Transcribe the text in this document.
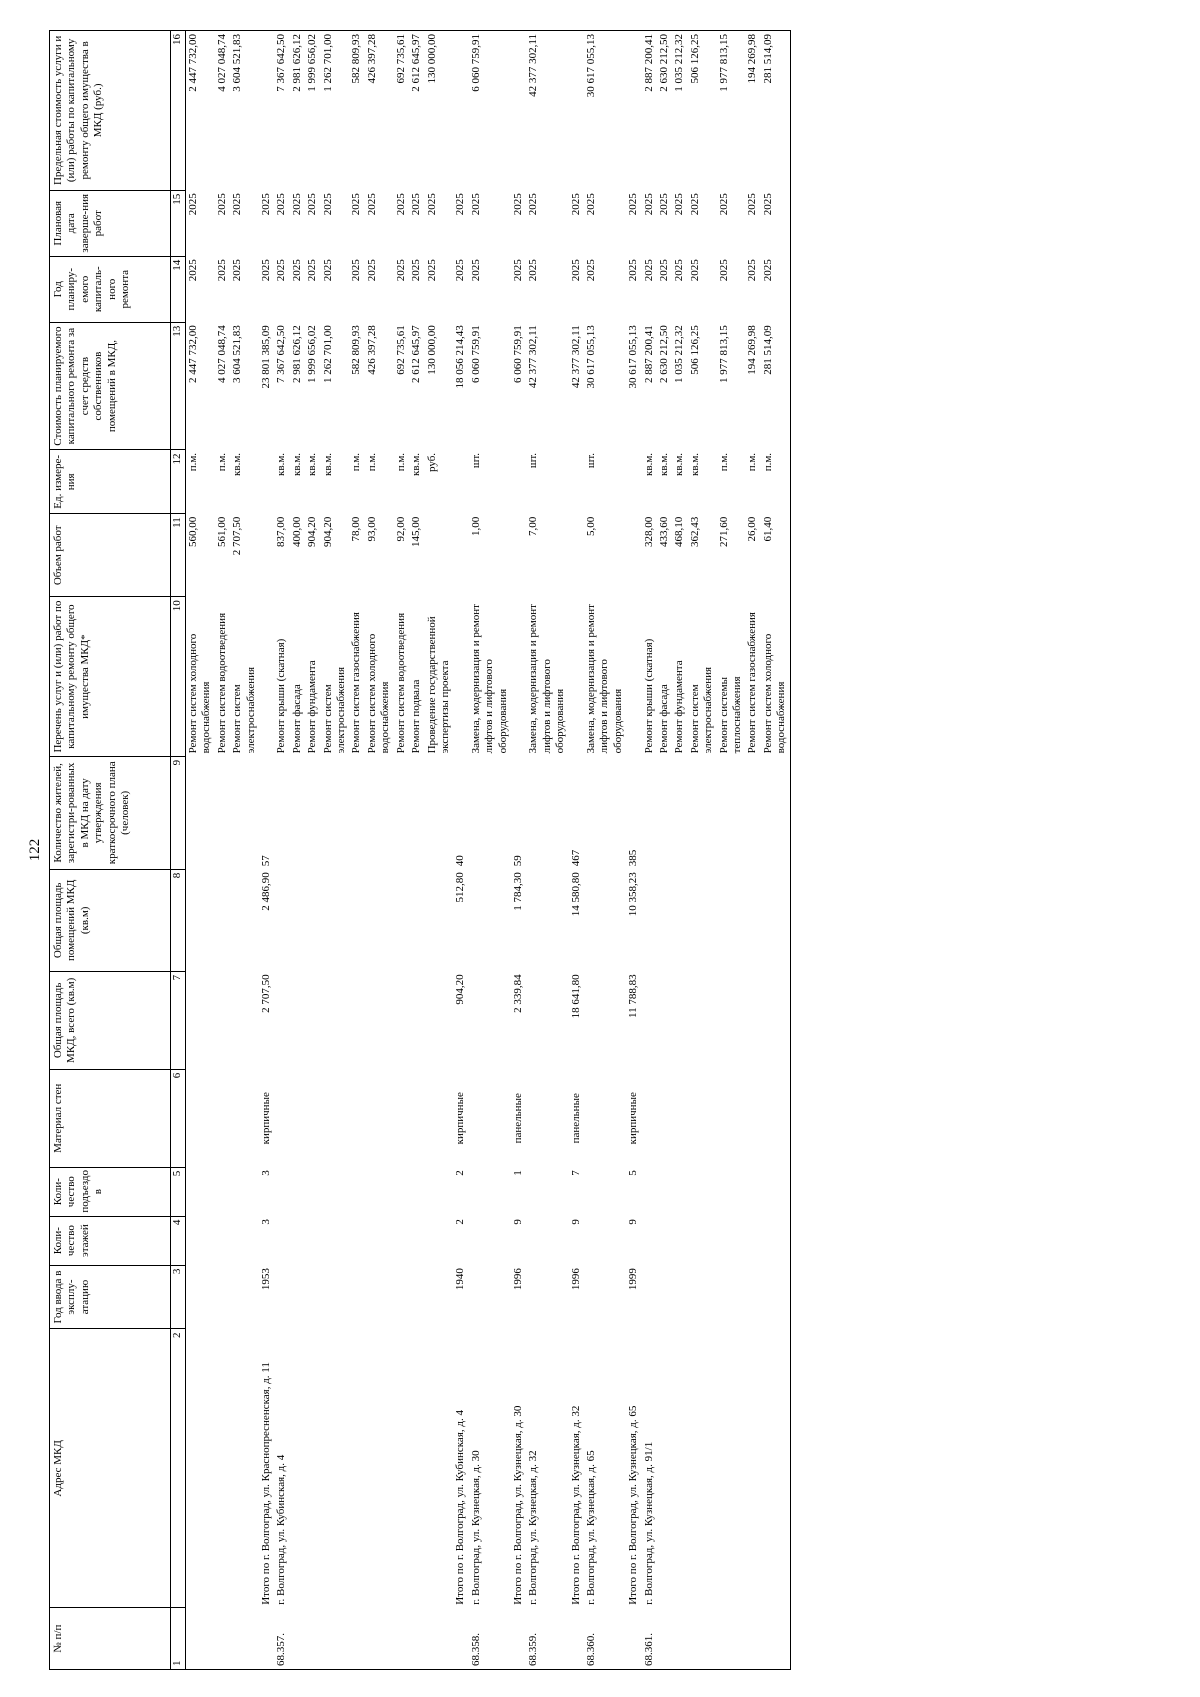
122
№ п/п	Адрес МКД	Год ввода в эксплу-атацию	Коли-чество этажей	Коли-чество подъездо в	Материал стен	Общая площадь МКД, всего (кв.м)	Общая площадь помещений МКД (кв.м)	Количество жителей, зарегистри-рованных в МКД на дату утверждения краткосрочного плана (человек)	Перечень услуг и (или) работ по капитальному ремонту общего имущества МКД*	Объем работ	Ед. измере-ния	Стоимость планируемого капитального ремонта за счет средств собственников помещений в МКД,	Год планиру-емого капиталь-ного ремонта	Плановая дата заверше-ния работ	Предельная стоимость услуги и (или) работы по капитальному ремонту общего имущества в МКД (руб.)
1	2	3	4	5	6	7	8	9	10	11	12	13	14	15	16
									Ремонт систем холодного водоснабжения	560,00	п.м.	2 447 732,00	2025	2025	2 447 732,00
									Ремонт систем водоотведения	561,00	п.м.	4 027 048,74	2025	2025	4 027 048,74
									Ремонт систем электроснабжения	2 707,50	кв.м.	3 604 521,83	2025	2025	3 604 521,83
	Итого по г. Волгоград, ул. Краснопресненская, д. 11	1953	3	3	кирпичные	2 707,50	2 486,90	57				23 801 385,09	2025	2025	
68.357.	г. Волгоград, ул. Кубинская, д. 4								Ремонт крыши (скатная)	837,00	кв.м.	7 367 642,50	2025	2025	7 367 642,50
									Ремонт фасада	400,00	кв.м.	2 981 626,12	2025	2025	2 981 626,12
									Ремонт фундамента	904,20	кв.м.	1 999 656,02	2025	2025	1 999 656,02
									Ремонт систем электроснабжения	904,20	кв.м.	1 262 701,00	2025	2025	1 262 701,00
									Ремонт систем газоснабжения	78,00	п.м.	582 809,93	2025	2025	582 809,93
									Ремонт систем холодного водоснабжения	93,00	п.м.	426 397,28	2025	2025	426 397,28
									Ремонт систем водоотведения	92,00	п.м.	692 735,61	2025	2025	692 735,61
									Ремонт подвала	145,00	кв.м.	2 612 645,97	2025	2025	2 612 645,97
									Проведение государственной экспертизы проекта		руб.	130 000,00	2025	2025	130 000,00
	Итого по г. Волгоград, ул. Кубинская, д. 4	1940	2	2	кирпичные	904,20	512,80	40				18 056 214,43	2025	2025	
68.358.	г. Волгоград, ул. Кузнецкая, д. 30								Замена, модернизация и ремонт лифтов и лифтового оборудования	1,00	шт.	6 060 759,91	2025	2025	6 060 759,91
	Итого по г. Волгоград, ул. Кузнецкая, д. 30	1996	9	1	панельные	2 339,84	1 784,30	59				6 060 759,91	2025	2025	
68.359.	г. Волгоград, ул. Кузнецкая, д. 32								Замена, модернизация и ремонт лифтов и лифтового оборудования	7,00	шт.	42 377 302,11	2025	2025	42 377 302,11
	Итого по г. Волгоград, ул. Кузнецкая, д. 32	1996	9	7	панельные	18 641,80	14 580,80	467				42 377 302,11	2025	2025	
68.360.	г. Волгоград, ул. Кузнецкая, д. 65								Замена, модернизация и ремонт лифтов и лифтового оборудования	5,00	шт.	30 617 055,13	2025	2025	30 617 055,13
	Итого по г. Волгоград, ул. Кузнецкая, д. 65	1999	9	5	кирпичные	11 788,83	10 358,23	385				30 617 055,13	2025	2025	
68.361.	г. Волгоград, ул. Кузнецкая, д. 91/1								Ремонт крыши (скатная)	328,00	кв.м.	2 887 200,41	2025	2025	2 887 200,41
									Ремонт фасада	433,60	кв.м.	2 630 212,50	2025	2025	2 630 212,50
									Ремонт фундамента	468,10	кв.м.	1 035 212,32	2025	2025	1 035 212,32
									Ремонт систем электроснабжения	362,43	кв.м.	506 126,25	2025	2025	506 126,25
									Ремонт системы теплоснабжения	271,60	п.м.	1 977 813,15	2025	2025	1 977 813,15
									Ремонт систем газоснабжения	26,00	п.м.	194 269,98	2025	2025	194 269,98
									Ремонт систем холодного водоснабжения	61,40	п.м.	281 514,09	2025	2025	281 514,09
